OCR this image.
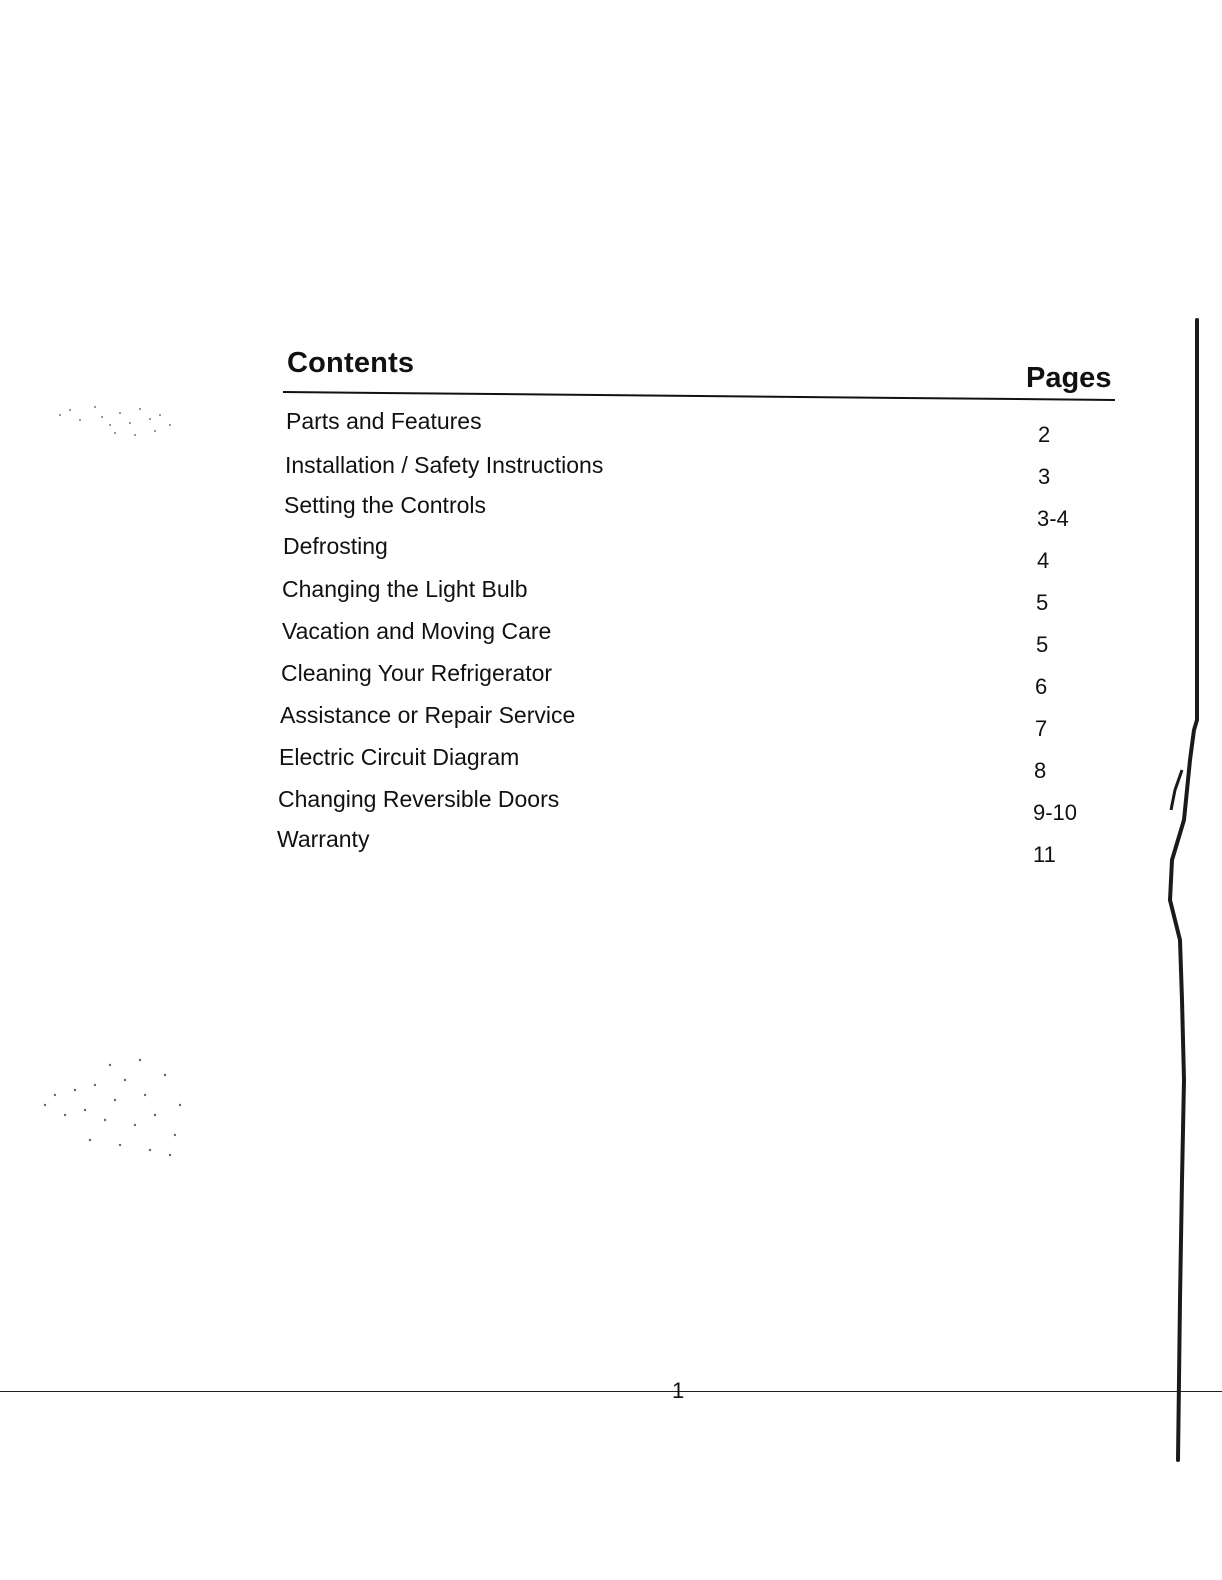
Contents	Pages
Parts and Features
2
Installation / Safety Instructions	3
Setting the Controls
3-4
Defrosting
4
Changing the Light Bulb
5
Vacation and Moving Care
5
Cleaning Your Refrigerator
6
Assistance or Repair Service
7
Electric Circuit Diagram
8
Changing Reversible Doors
9-10
Warranty
11
1
